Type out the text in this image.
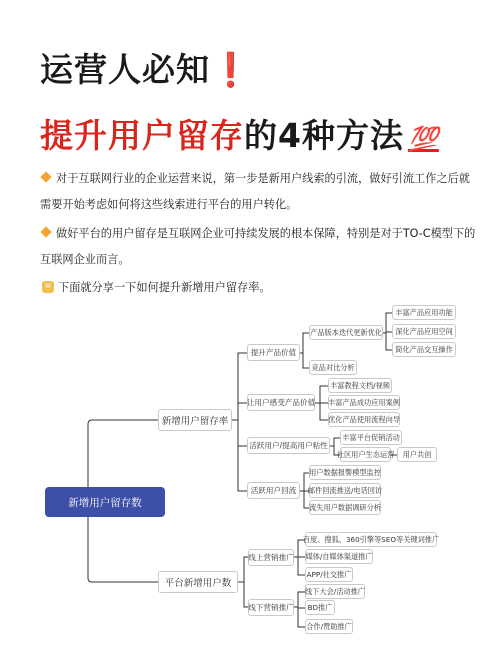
运营人必知❗
提升用户留存的4种方法 💯
对于互联网行业的企业运营来说，第一步是新用户线索的引流，做好引流工作之后就需要开始考虑如何将这些线索进行平台的用户转化。
做好平台的用户留存是互联网企业可持续发展的根本保障，特别是对于TO-C模型下的互联网企业而言。
下面就分享一下如何提升新增用户留存率。
新增用户留存数
新增用户留存率
平台新增用户数
提升产品价值
让用户感受产品价值
活跃用户/提高用户粘性
活跃用户回流
产品版本迭代更新优化
竞品对比分析
丰富产品应用功能
深化产品应用空间
简化产品交互操作
丰富教程文档/视频
丰富产品成功应用案例
优化产品使用流程向导
丰富平台促销活动
社区用户生态运营	用户共创
用户数据报警模型监控
邮件回流推送/电话回访
流失用户数据调研分析
线上营销推广
线下营销推广
百度、搜狐、360引擎等SEO等关键词推广
媒体/自媒体渠道推广
APP/社交推广
线下大会/活动推广
BD推广
合作/赞助推广
